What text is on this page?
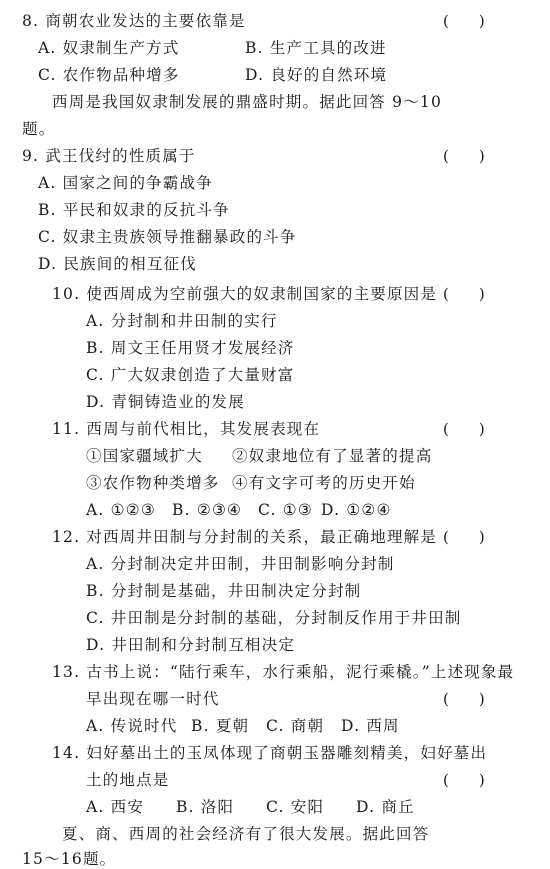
8. 商朝农业发达的主要依靠是	(　　)
A. 奴隶制生产方式	B. 生产工具的改进
C. 农作物品种增多	D. 良好的自然环境
西周是我国奴隶制发展的鼎盛时期。据此回答 9～10
题。
9. 武王伐纣的性质属于	(　　)
A. 国家之间的争霸战争
B. 平民和奴隶的反抗斗争
C. 奴隶主贵族领导推翻暴政的斗争
D. 民族间的相互征伐
10. 使西周成为空前强大的奴隶制国家的主要原因是 (　　)
A. 分封制和井田制的实行
B. 周文王任用贤才发展经济
C. 广大奴隶创造了大量财富
D. 青铜铸造业的发展
11. 西周与前代相比，其发展表现在	(　　)
①国家疆域扩大 ②奴隶地位有了显著的提高
③农作物种类增多 ④有文字可考的历史开始
A. ①②③ B. ②③④ C. ①③ D. ①②④
12. 对西周井田制与分封制的关系，最正确地理解是 (　　)
A. 分封制决定井田制，井田制影响分封制
B. 分封制是基础，井田制决定分封制
C. 井田制是分封制的基础，分封制反作用于井田制
D. 井田制和分封制互相决定
13. 古书上说：“陆行乘车，水行乘船，泥行乘橇。”上述现象最
早出现在哪一时代	(　　)
A. 传说时代 B. 夏朝 C. 商朝 D. 西周
14. 妇好墓出土的玉凤体现了商朝玉器雕刻精美，妇好墓出
土的地点是	(　　)
A. 西安 B. 洛阳 C. 安阳 D. 商丘
夏、商、西周的社会经济有了很大发展。据此回答
15～16题。
